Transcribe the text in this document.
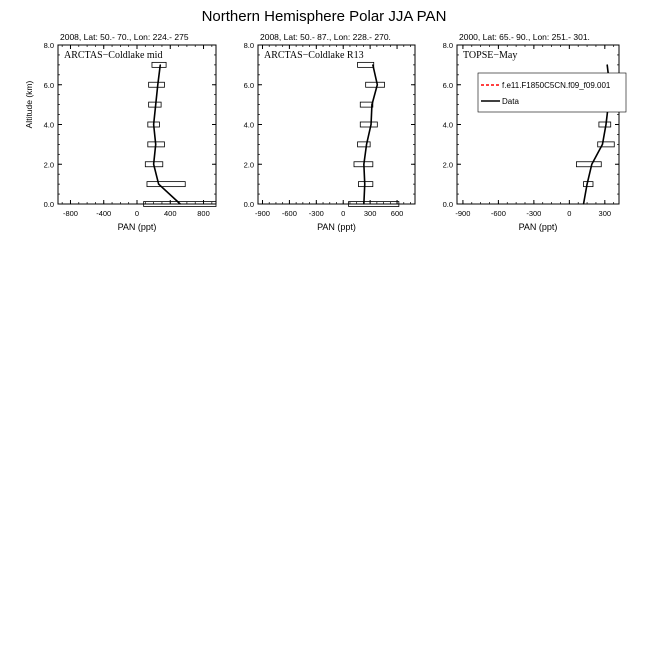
Northern Hemisphere Polar JJA PAN
2008, Lat: 50.- 70., Lon: 224.- 275
-800 -400	0	400	800
0.0
2.0
4.0
6.0
8.0
PAN (ppt)
Altitude (km)
ARCTAS−Coldlake mid
2008, Lat: 50.- 87., Lon: 228.- 270.
-900 -600 -300 0 300 600
0.0
2.0
4.0
6.0
8.0
PAN (ppt)
ARCTAS−Coldlake R13
2000, Lat: 65.- 90., Lon: 251.- 301.
-900	-600	-300	0	300
0.0
2.0
4.0
6.0
8.0
PAN (ppt)
TOPSE−May
f.e11.F1850C5CN.f09_f09.001
Data
